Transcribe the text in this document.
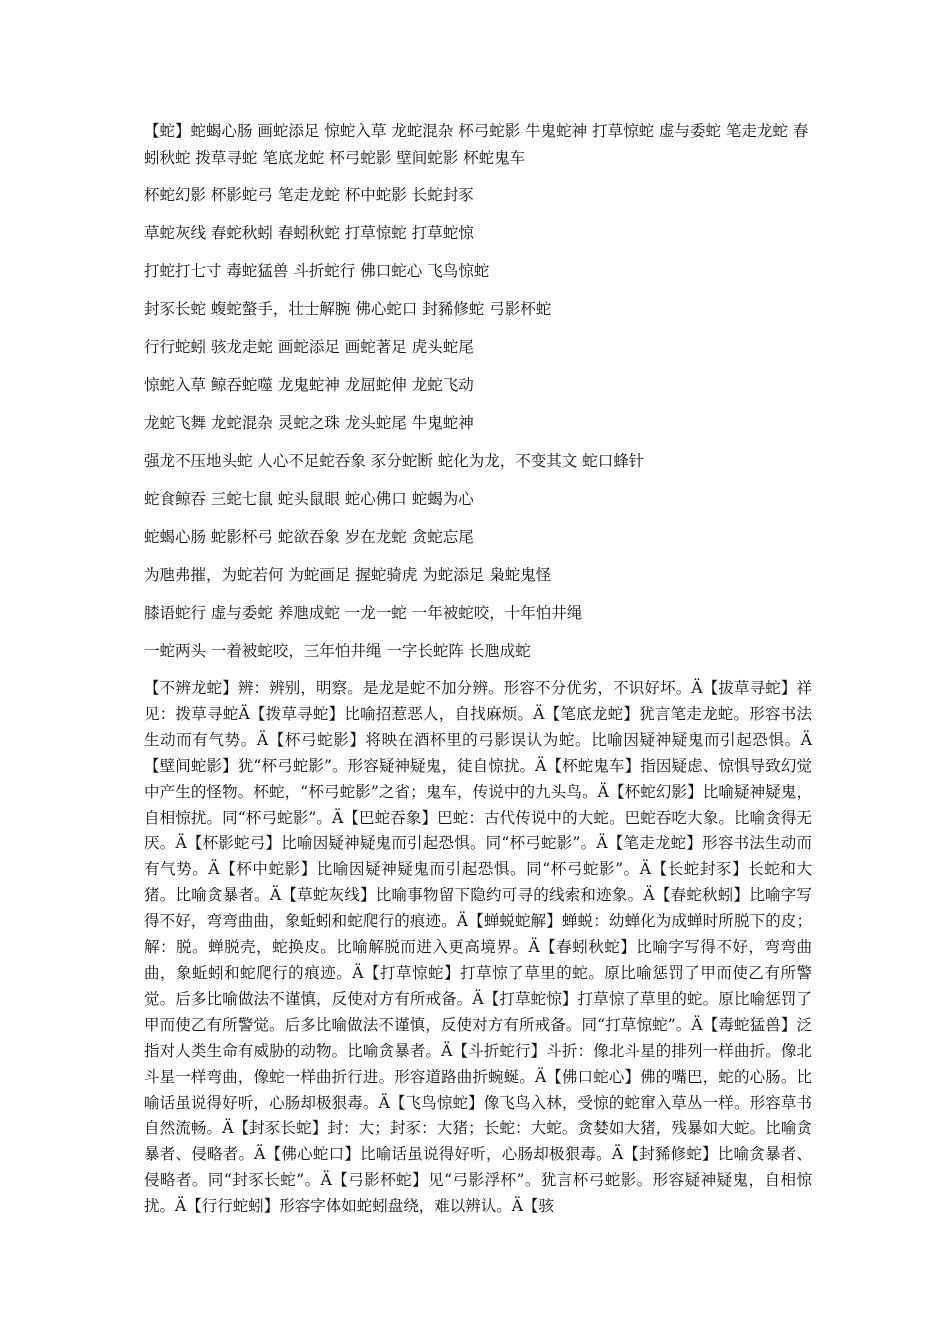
【蛇】蛇蝎心肠 画蛇添足 惊蛇入草 龙蛇混杂 杯弓蛇影 牛鬼蛇神 打草惊蛇 虚与委蛇 笔走龙蛇 春蚓秋蛇 拨草寻蛇 笔底龙蛇 杯弓蛇影 壁间蛇影 杯蛇鬼车

杯蛇幻影 杯影蛇弓 笔走龙蛇 杯中蛇影 长蛇封豕

草蛇灰线 春蛇秋蚓 春蚓秋蛇 打草惊蛇 打草蛇惊

打蛇打七寸 毒蛇猛兽 斗折蛇行 佛口蛇心 飞鸟惊蛇

封豕长蛇 蝮蛇螫手，壮士解腕 佛心蛇口 封豨修蛇 弓影杯蛇

行行蛇蚓 骇龙走蛇 画蛇添足 画蛇著足 虎头蛇尾

惊蛇入草 鲸吞蛇噬 龙鬼蛇神 龙屈蛇伸 龙蛇飞动

龙蛇飞舞 龙蛇混杂 灵蛇之珠 龙头蛇尾 牛鬼蛇神

强龙不压地头蛇 人心不足蛇吞象 豕分蛇断 蛇化为龙，不变其文 蛇口蜂针

蛇食鲸吞 三蛇七鼠 蛇头鼠眼 蛇心佛口 蛇蝎为心

蛇蝎心肠 蛇影杯弓 蛇欲吞象 岁在龙蛇 贪蛇忘尾

为虺弗摧，为蛇若何 为蛇画足 握蛇骑虎 为蛇添足 枭蛇鬼怪

膝语蛇行 虚与委蛇 养虺成蛇 一龙一蛇 一年被蛇咬，十年怕井绳

一蛇两头 一着被蛇咬，三年怕井绳 一字长蛇阵 长虺成蛇

【不辨龙蛇】辨：辨别，明察。是龙是蛇不加分辨。形容不分优劣，不识好坏。Ä【拔草寻蛇】祥见：拨草寻蛇Ä【拨草寻蛇】比喻招惹恶人，自找麻烦。Ä【笔底龙蛇】犹言笔走龙蛇。形容书法生动而有气势。Ä【杯弓蛇影】将映在酒杯里的弓影误认为蛇。比喻因疑神疑鬼而引起恐惧。Ä【壁间蛇影】犹“杯弓蛇影”。形容疑神疑鬼，徒自惊扰。Ä【杯蛇鬼车】指因疑虑、惊惧导致幻觉中产生的怪物。杯蛇，“杯弓蛇影”之省；鬼车，传说中的九头鸟。Ä【杯蛇幻影】比喻疑神疑鬼，自相惊扰。同“杯弓蛇影”。Ä【巴蛇吞象】巴蛇：古代传说中的大蛇。巴蛇吞吃大象。比喻贪得无厌。Ä【杯影蛇弓】比喻因疑神疑鬼而引起恐惧。同“杯弓蛇影”。Ä【笔走龙蛇】形容书法生动而有气势。Ä【杯中蛇影】比喻因疑神疑鬼而引起恐惧。同“杯弓蛇影”。Ä【长蛇封豕】长蛇和大猪。比喻贪暴者。Ä【草蛇灰线】比喻事物留下隐约可寻的线索和迹象。Ä【春蛇秋蚓】比喻字写得不好，弯弯曲曲，象蚯蚓和蛇爬行的痕迹。Ä【蝉蜕蛇解】蝉蜕：幼蝉化为成蝉时所脱下的皮；解：脱。蝉脱壳，蛇换皮。比喻解脱而进入更高境界。Ä【春蚓秋蛇】比喻字写得不好，弯弯曲曲，象蚯蚓和蛇爬行的痕迹。Ä【打草惊蛇】打草惊了草里的蛇。原比喻惩罚了甲而使乙有所警觉。后多比喻做法不谨慎，反使对方有所戒备。Ä【打草蛇惊】打草惊了草里的蛇。原比喻惩罚了甲而使乙有所警觉。后多比喻做法不谨慎，反使对方有所戒备。同“打草惊蛇”。Ä【毒蛇猛兽】泛指对人类生命有威胁的动物。比喻贪暴者。Ä【斗折蛇行】斗折：像北斗星的排列一样曲折。像北斗星一样弯曲，像蛇一样曲折行进。形容道路曲折蜿蜒。Ä【佛口蛇心】佛的嘴巴，蛇的心肠。比喻话虽说得好听，心肠却极狠毒。Ä【飞鸟惊蛇】像飞鸟入林，受惊的蛇窜入草丛一样。形容草书自然流畅。Ä【封豕长蛇】封：大；封豕：大猪；长蛇：大蛇。贪婪如大猪，残暴如大蛇。比喻贪暴者、侵略者。Ä【佛心蛇口】比喻话虽说得好听，心肠却极狠毒。Ä【封豨修蛇】比喻贪暴者、侵略者。同“封豕长蛇”。Ä【弓影杯蛇】见“弓影浮杯”。犹言杯弓蛇影。形容疑神疑鬼，自相惊扰。Ä【行行蛇蚓】形容字体如蛇蚓盘绕，难以辨认。Ä【骇
